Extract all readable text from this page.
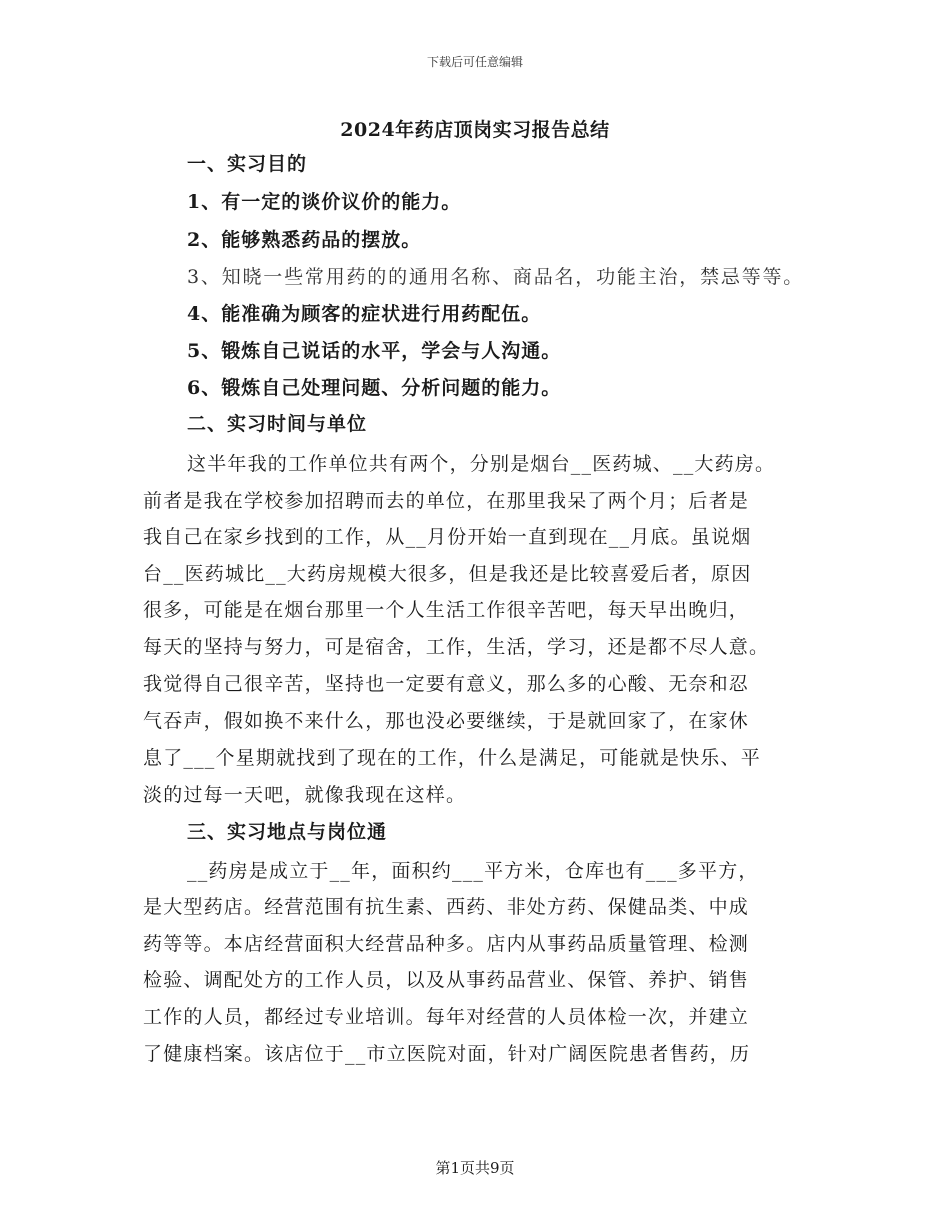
下载后可任意编辑
2024年药店顶岗实习报告总结
一、实习目的
1、有一定的谈价议价的能力。
2、能够熟悉药品的摆放。
3、知晓一些常用药的的通用名称、商品名，功能主治，禁忌等等。
4、能准确为顾客的症状进行用药配伍。
5、锻炼自己说话的水平，学会与人沟通。
6、锻炼自己处理问题、分析问题的能力。
二、实习时间与单位
这半年我的工作单位共有两个，分别是烟台__医药城、__大药房。
前者是我在学校参加招聘而去的单位，在那里我呆了两个月；后者是
我自己在家乡找到的工作，从__月份开始一直到现在__月底。虽说烟
台__医药城比__大药房规模大很多，但是我还是比较喜爱后者，原因
很多，可能是在烟台那里一个人生活工作很辛苦吧，每天早出晚归，
每天的坚持与努力，可是宿舍，工作，生活，学习，还是都不尽人意。
我觉得自己很辛苦，坚持也一定要有意义，那么多的心酸、无奈和忍
气吞声，假如换不来什么，那也没必要继续，于是就回家了，在家休
息了___个星期就找到了现在的工作，什么是满足，可能就是快乐、平
淡的过每一天吧，就像我现在这样。
三、实习地点与岗位通
__药房是成立于__年，面积约___平方米，仓库也有___多平方，
是大型药店。经营范围有抗生素、西药、非处方药、保健品类、中成
药等等。本店经营面积大经营品种多。店内从事药品质量管理、检测
检验、调配处方的工作人员，以及从事药品营业、保管、养护、销售
工作的人员，都经过专业培训。每年对经营的人员体检一次，并建立
了健康档案。该店位于__市立医院对面，针对广阔医院患者售药，历
第1页共9页
